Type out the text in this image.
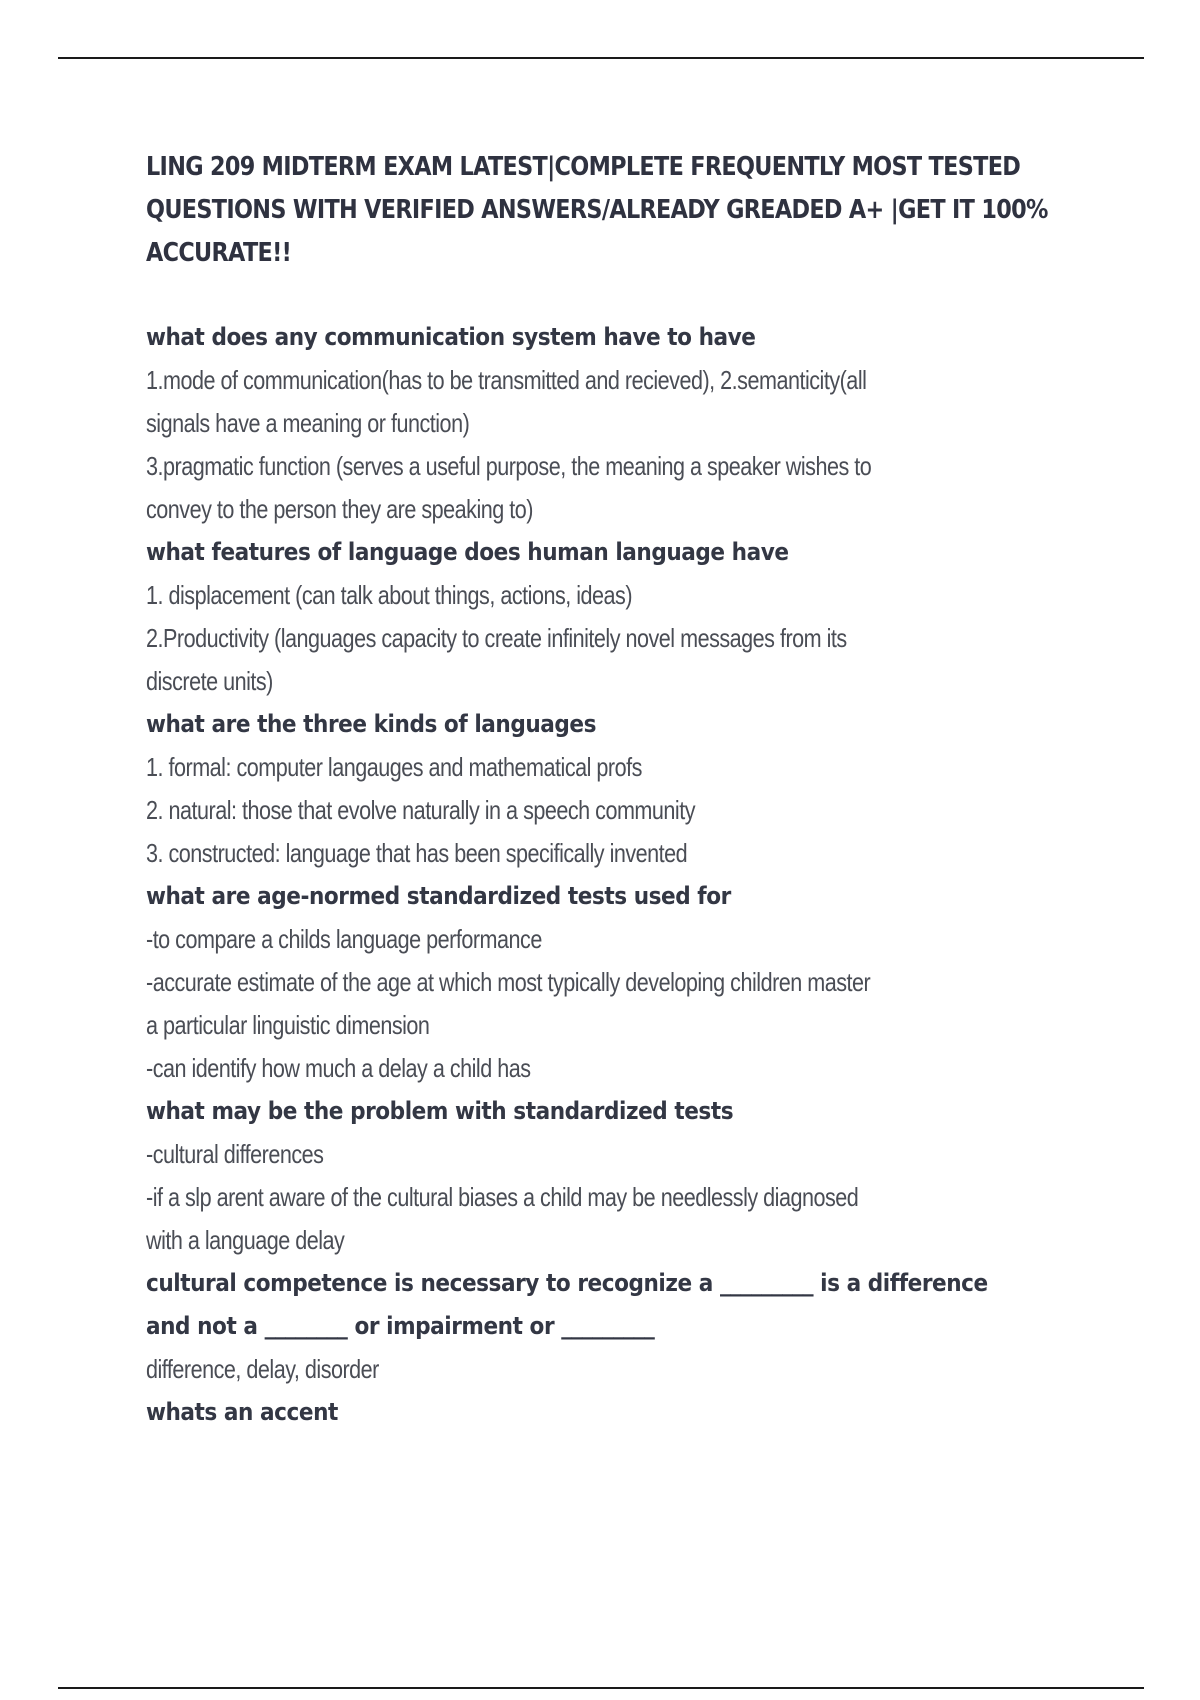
LING 209 MIDTERM EXAM LATEST|COMPLETE FREQUENTLY MOST TESTED
QUESTIONS WITH VERIFIED ANSWERS/ALREADY GREADED A+ |GET IT 100%
ACCURATE!!
what does any communication system have to have
1.mode of communication(has to be transmitted and recieved), 2.semanticity(all
signals have a meaning or function)
3.pragmatic function (serves a useful purpose, the meaning a speaker wishes to
convey to the person they are speaking to)
what features of language does human language have
1. displacement (can talk about things, actions, ideas)
2.Productivity (languages capacity to create infinitely novel messages from its
discrete units)
what are the three kinds of languages
1. formal: computer langauges and mathematical profs
2. natural: those that evolve naturally in a speech community
3. constructed: language that has been specifically invented
what are age-normed standardized tests used for
-to compare a childs language performance
-accurate estimate of the age at which most typically developing children master
a particular linguistic dimension
-can identify how much a delay a child has
what may be the problem with standardized tests
-cultural differences
-if a slp arent aware of the cultural biases a child may be needlessly diagnosed
with a language delay
cultural competence is necessary to recognize a _________ is a difference
and not a ________ or impairment or _________
difference, delay, disorder
whats an accent
